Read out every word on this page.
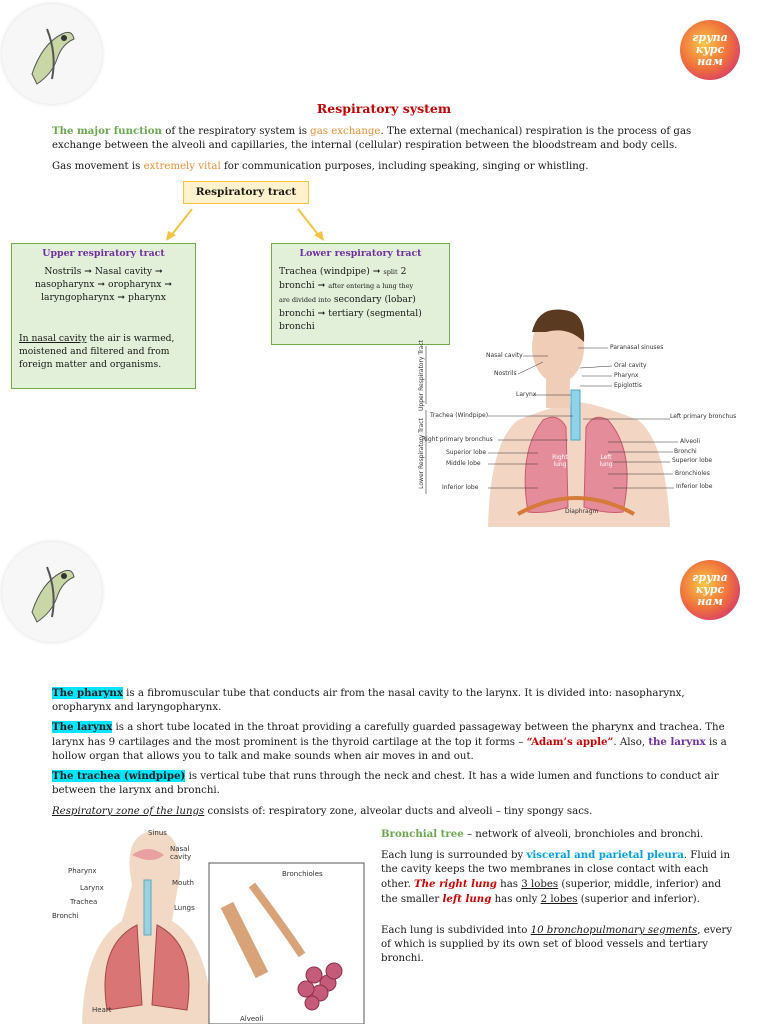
група
курс
нам
Respiratory system
The major function of the respiratory system is gas exchange. The external (mechanical) respiration is the process of gas exchange between the alveoli and capillaries, the internal (cellular) respiration between the bloodstream and body cells.
Gas movement is extremely vital for communication purposes, including speaking, singing or whistling.
Respiratory tract
Upper respiratory tract
Nostrils ➞ Nasal cavity ➞
nasopharynx ➞ oropharynx ➞
laryngopharynx ➞ pharynx
In nasal cavity the air is warmed, moistened and filtered and from foreign matter and organisms.
Lower respiratory tract
Trachea (windpipe) ➞ split 2
bronchi ➞ after entering a lung they
are divided into secondary (lobar)
bronchi ➞ tertiary (segmental)
bronchi
Upper Respiratory Tract
Lower Respiratory Tract
Nasal cavity
Nostrils
Larynx
Trachea (Windpipe)
Right primary bronchus
Superior lobe
Middle lobe
Inferior lobe
Paranasal sinuses
Oral cavity
Pharynx
Epiglottis
Left primary bronchus
Alveoli
Bronchi
Superior lobe
Bronchioles
Inferior lobe
Right lung
Left lung
Diaphragm
група
курс
нам
The pharynx is a fibromuscular tube that conducts air from the nasal cavity to the larynx. It is divided into: nasopharynx, oropharynx and laryngopharynx.
The larynx is a short tube located in the throat providing a carefully guarded passageway between the pharynx and trachea. The larynx has 9 cartilages and the most prominent is the thyroid cartilage at the top it forms – “Adam’s apple”. Also, the larynx is a hollow organ that allows you to talk and make sounds when air moves in and out.
The trachea (windpipe) is vertical tube that runs through the neck and chest. It has a wide lumen and functions to conduct air between the larynx and bronchi.
Respiratory zone of the lungs consists of: respiratory zone, alveolar ducts and alveoli – tiny spongy sacs.
Sinus
Nasal cavity
Pharynx
Mouth
Larynx
Trachea
Lungs
Bronchi
Heart
Bronchioles
Alveoli
Bronchial tree – network of alveoli, bronchioles and bronchi.
Each lung is surrounded by visceral and parietal pleura. Fluid in the cavity keeps the two membranes in close contact with each other. The right lung has 3 lobes (superior, middle, inferior) and the smaller left lung has only 2 lobes (superior and inferior).
Each lung is subdivided into 10 bronchopulmonary segments, every of which is supplied by its own set of blood vessels and tertiary bronchi.
